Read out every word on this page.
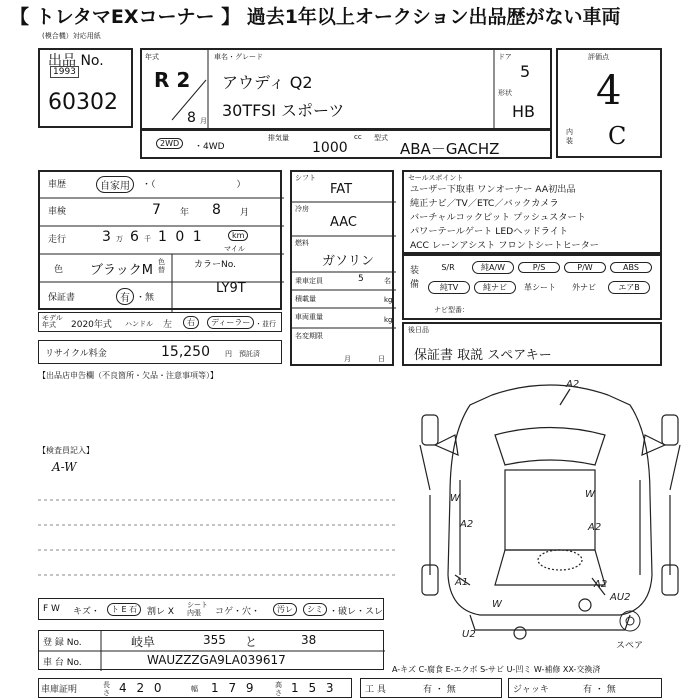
【 トレタマEXコーナー 】 過去1年以上オークション出品歴がない車両
(模合機）対応用紙
出品 No.
1993
60302
年式
R 2
8 月
車名・グレード
アウディ Q2
30TFSI スポーツ
ドア
5
形状
HB
評価点
4
内装 C
2WD	・4WD
排気量
1000
cc 型式
ABA－GACHZ
車歴	自家用	・（　　　　　　　　　）
車検	7 年 8 月
走行	3 万 6 千 1 0 1	km
マイル
色 ブラックM
色替	カラーNo.
LY9T
保証書	有 ・無
モデル年式	2020年式 ハンドル 左	右	ディーラー ・並行
リサイクル料金	15,250 円 預託済
シフト
FAT
冷房
AAC
燃料
ガソリン
乗車定員	5	名
積載量	kg
車両重量	kg
名変期限
月	日
セールスポイント
ユーザー下取車 ワンオーナー AA初出品
純正ナビ／TV／ETC／バックカメラ
バーチャルコックピット プッシュスタート
パワーテールゲート LEDヘッドライト
ACC レーンアシスト フロントシートヒーター
装備
S/R	純A/W	P/S	P/W	ABS
純TV	純ナビ 革シート 外ナビ	エアB
ナビ型番：
後日品
保証書 取説 スペアキー
【出品店申告欄（不良箇所・欠品・注意事項等）】
【検査員記入】
A-W
A2
A2
A1
W	W
A2
AU2
U2
W
A2
スペア
F W キズ・	ト E 石	割レ X
シート内張	コゲ・穴・	汚レ	シミ ・破レ・スレ
登 録 No.	岐阜	355 と	38
車 台 No.	WAUZZZGA9LA039617
車庫証明	長さ 4 2 0	幅 1 7 9	高さ 1 5 3	工 具	有 ・ 無	ジャッキ	有 ・ 無
A-キズ C-腐食 E-エクボ S-サビ U-凹ミ W-補修 XX-交換済
